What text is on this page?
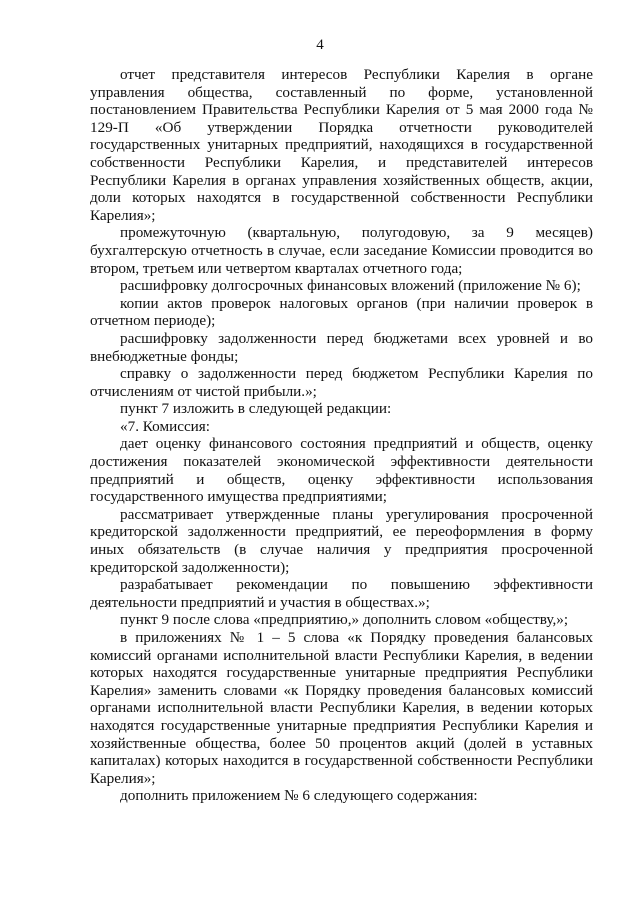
4

отчет представителя интересов Республики Карелия в органе управления общества, составленный по форме, установленной постановлением Правительства Республики Карелия от 5 мая 2000 года № 129-П «Об утверждении Порядка отчетности руководителей государственных унитарных предприятий, находящихся в государственной собственности Республики Карелия, и представителей интересов Республики Карелия в органах управления хозяйственных обществ, акции, доли которых находятся в государственной собственности Республики Карелия»;

промежуточную (квартальную, полугодовую, за 9 месяцев) бухгалтерскую отчетность в случае, если заседание Комиссии проводится во втором, третьем или четвертом кварталах отчетного года;

расшифровку долгосрочных финансовых вложений (приложение № 6);

копии актов проверок налоговых органов (при наличии проверок в отчетном периоде);

расшифровку задолженности перед бюджетами всех уровней и во внебюджетные фонды;

справку о задолженности перед бюджетом Республики Карелия по отчислениям от чистой прибыли.»;

пункт 7 изложить в следующей редакции:

«7. Комиссия:

дает оценку финансового состояния предприятий и обществ, оценку достижения показателей экономической эффективности деятельности предприятий и обществ, оценку эффективности использования государственного имущества предприятиями;

рассматривает утвержденные планы урегулирования просроченной кредиторской задолженности предприятий, ее переоформления в форму иных обязательств (в случае наличия у предприятия просроченной кредиторской задолженности);

разрабатывает рекомендации по повышению эффективности деятельности предприятий и участия в обществах.»;

пункт 9 после слова «предприятию,» дополнить словом «обществу,»;

в приложениях № 1 – 5 слова «к Порядку проведения балансовых комиссий органами исполнительной власти Республики Карелия, в ведении которых находятся государственные унитарные предприятия Республики Карелия» заменить словами «к Порядку проведения балансовых комиссий органами исполнительной власти Республики Карелия, в ведении которых находятся государственные унитарные предприятия Республики Карелия и хозяйственные общества, более 50 процентов акций (долей в уставных капиталах) которых находится в государственной собственности Республики Карелия»;

дополнить приложением № 6 следующего содержания:
